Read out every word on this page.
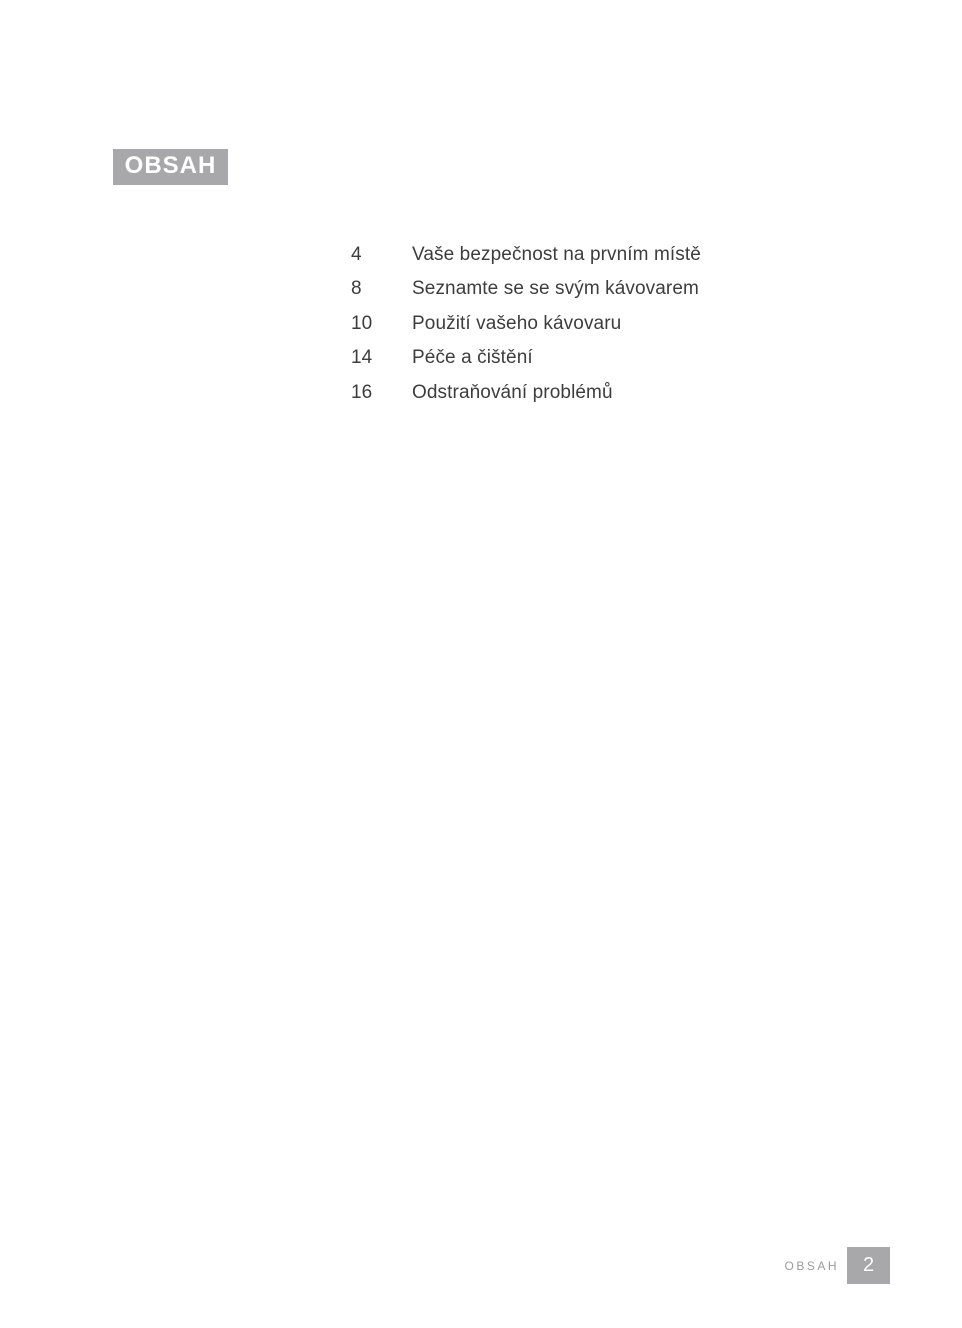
OBSAH
4	Vaše bezpečnost na prvním místě
8	Seznamte se se svým kávovarem
10	Použití vašeho kávovaru
14	Péče a čištění
16	Odstraňování problémů
OBSAH	2
